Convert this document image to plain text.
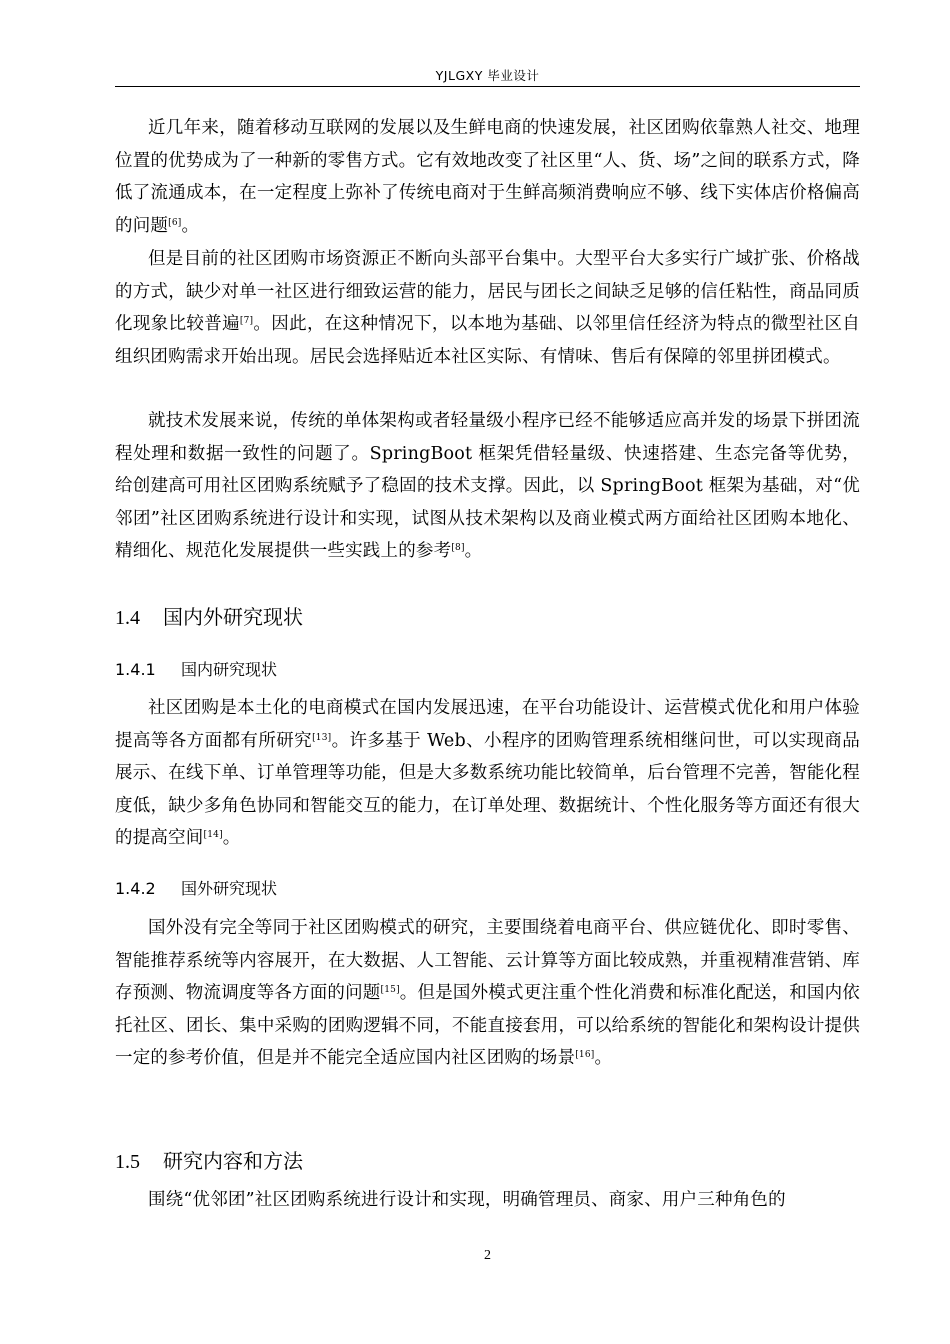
YJLGXY 毕业设计

近几年来，随着移动互联网的发展以及生鲜电商的快速发展，社区团购依靠熟人社交、地理位置的优势成为了一种新的零售方式。它有效地改变了社区里“人、货、场”之间的联系方式，降低了流通成本，在一定程度上弥补了传统电商对于生鲜高频消费响应不够、线下实体店价格偏高的问题[6]。

但是目前的社区团购市场资源正不断向头部平台集中。大型平台大多实行广域扩张、价格战的方式，缺少对单一社区进行细致运营的能力，居民与团长之间缺乏足够的信任粘性，商品同质化现象比较普遍[7]。因此，在这种情况下，以本地为基础、以邻里信任经济为特点的微型社区自组织团购需求开始出现。居民会选择贴近本社区实际、有情味、售后有保障的邻里拼团模式。

就技术发展来说，传统的单体架构或者轻量级小程序已经不能够适应高并发的场景下拼团流程处理和数据一致性的问题了。SpringBoot 框架凭借轻量级、快速搭建、生态完备等优势，给创建高可用社区团购系统赋予了稳固的技术支撑。因此，以 SpringBoot 框架为基础，对“优邻团”社区团购系统进行设计和实现，试图从技术架构以及商业模式两方面给社区团购本地化、精细化、规范化发展提供一些实践上的参考[8]。

1.4 国内外研究现状
1.4.1 国内研究现状

社区团购是本土化的电商模式在国内发展迅速，在平台功能设计、运营模式优化和用户体验提高等各方面都有所研究[13]。许多基于 Web、小程序的团购管理系统相继问世，可以实现商品展示、在线下单、订单管理等功能，但是大多数系统功能比较简单，后台管理不完善，智能化程度低，缺少多角色协同和智能交互的能力，在订单处理、数据统计、个性化服务等方面还有很大的提高空间[14]。

1.4.2 国外研究现状

国外没有完全等同于社区团购模式的研究，主要围绕着电商平台、供应链优化、即时零售、智能推荐系统等内容展开，在大数据、人工智能、云计算等方面比较成熟，并重视精准营销、库存预测、物流调度等各方面的问题[15]。但是国外模式更注重个性化消费和标准化配送，和国内依托社区、团长、集中采购的团购逻辑不同，不能直接套用，可以给系统的智能化和架构设计提供一定的参考价值，但是并不能完全适应国内社区团购的场景[16]。

1.5 研究内容和方法

围绕“优邻团”社区团购系统进行设计和实现，明确管理员、商家、用户三种角色的

2
